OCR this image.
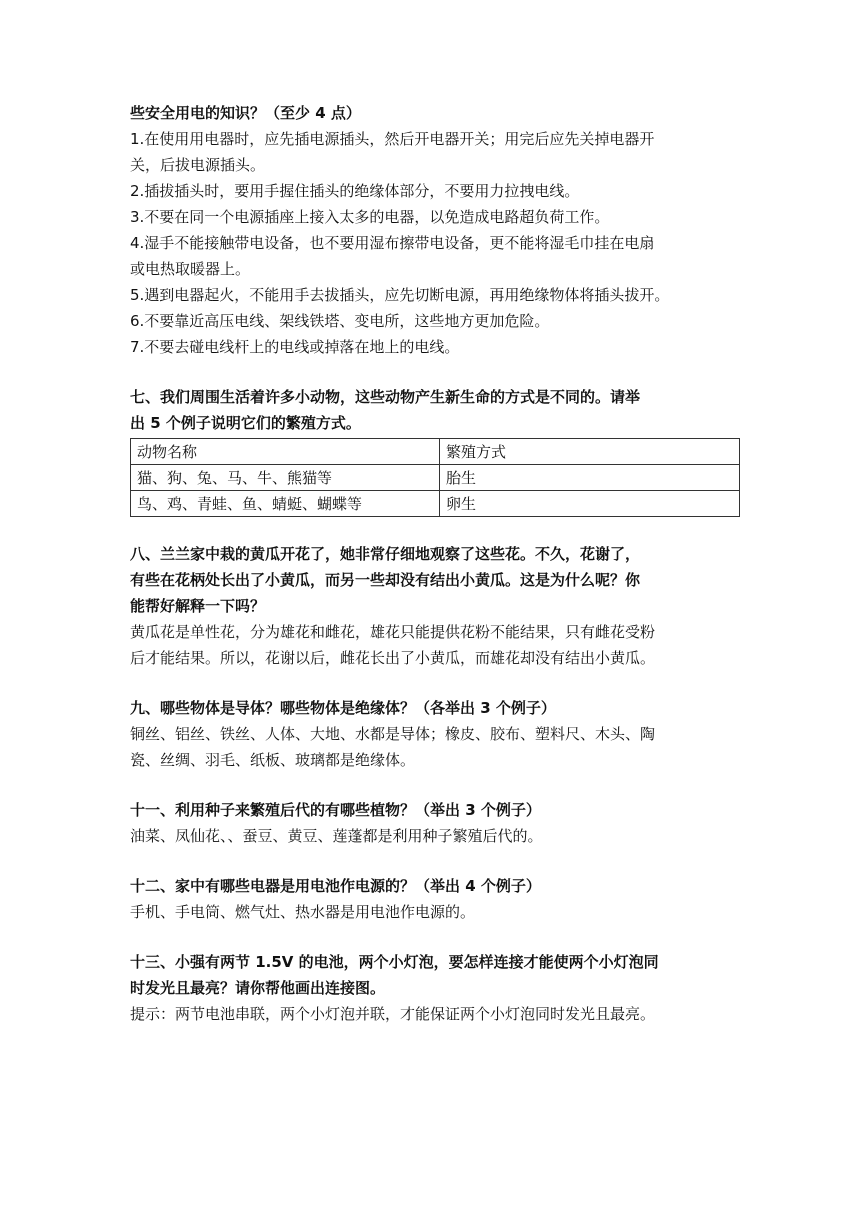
些安全用电的知识？（至少 4 点）
1.在使用用电器时，应先插电源插头，然后开电器开关；用完后应先关掉电器开
关，后拔电源插头。
2.插拔插头时，要用手握住插头的绝缘体部分，不要用力拉拽电线。
3.不要在同一个电源插座上接入太多的电器，以免造成电路超负荷工作。
4.湿手不能接触带电设备，也不要用湿布擦带电设备，更不能将湿毛巾挂在电扇
或电热取暖器上。
5.遇到电器起火，不能用手去拔插头，应先切断电源，再用绝缘物体将插头拔开。
6.不要靠近高压电线、架线铁塔、变电所，这些地方更加危险。
7.不要去碰电线杆上的电线或掉落在地上的电线。
七、我们周围生活着许多小动物，这些动物产生新生命的方式是不同的。请举
出 5 个例子说明它们的繁殖方式。
动物名称	繁殖方式
猫、狗、兔、马、牛、熊猫等	胎生
鸟、鸡、青蛙、鱼、蜻蜓、蝴蝶等	卵生
八、兰兰家中栽的黄瓜开花了，她非常仔细地观察了这些花。不久，花谢了，
有些在花柄处长出了小黄瓜，而另一些却没有结出小黄瓜。这是为什么呢？你
能帮好解释一下吗？
黄瓜花是单性花，分为雄花和雌花，雄花只能提供花粉不能结果，只有雌花受粉
后才能结果。所以，花谢以后，雌花长出了小黄瓜，而雄花却没有结出小黄瓜。
九、哪些物体是导体？哪些物体是绝缘体？（各举出 3 个例子）
铜丝、铝丝、铁丝、人体、大地、水都是导体；橡皮、胶布、塑料尺、木头、陶
瓷、丝绸、羽毛、纸板、玻璃都是绝缘体。
十一、利用种子来繁殖后代的有哪些植物？（举出 3 个例子）
油菜、凤仙花、、蚕豆、黄豆、莲蓬都是利用种子繁殖后代的。
十二、家中有哪些电器是用电池作电源的？（举出 4 个例子）
手机、手电筒、燃气灶、热水器是用电池作电源的。
十三、小强有两节 1.5V 的电池，两个小灯泡，要怎样连接才能使两个小灯泡同
时发光且最亮？请你帮他画出连接图。
提示：两节电池串联，两个小灯泡并联，才能保证两个小灯泡同时发光且最亮。
